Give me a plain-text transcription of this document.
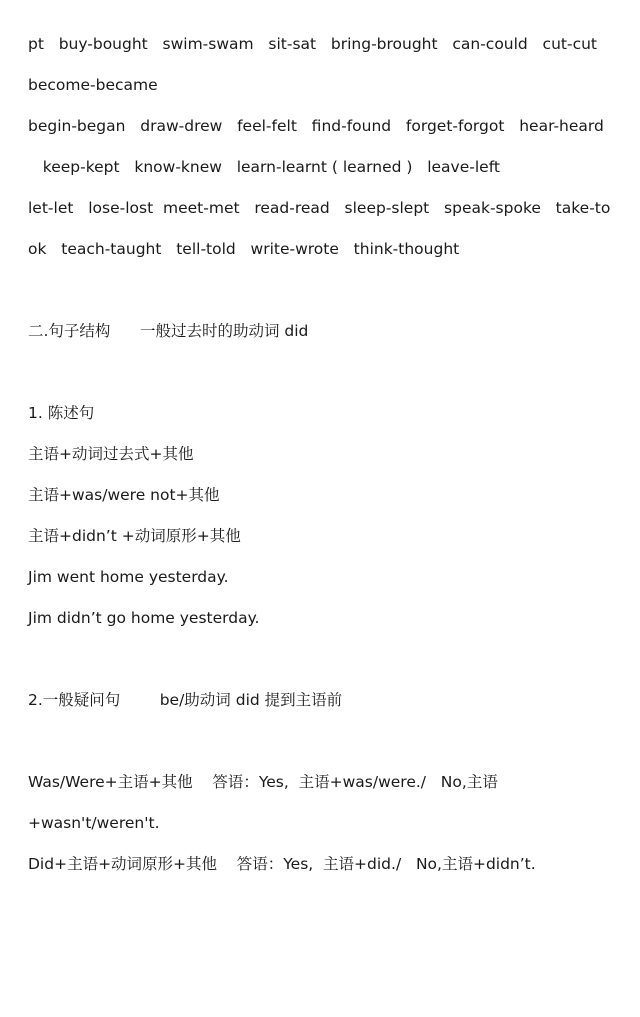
pt   buy-bought   swim-swam   sit-sat   bring-brought   can-could   cut-cut
become-became
begin-began   draw-drew   feel-felt   find-found   forget-forgot   hear-heard
keep-kept   know-knew   learn-learnt ( learned )   leave-left
let-let   lose-lost  meet-met   read-read   sleep-slept   speak-spoke   take-to
ok   teach-taught   tell-told   write-wrote   think-thought
二.句子结构      一般过去时的助动词 did
1. 陈述句
主语+动词过去式+其他
主语+was/were not+其他
主语+didn’t +动词原形+其他
Jim went home yesterday.
Jim didn’t go home yesterday.
2.一般疑问句        be/助动词 did 提到主语前
Was/Were+主语+其他    答语：Yes,  主语+was/were./   No,主语
+wasn't/weren't.
Did+主语+动词原形+其他    答语：Yes,  主语+did./   No,主语+didn’t.
